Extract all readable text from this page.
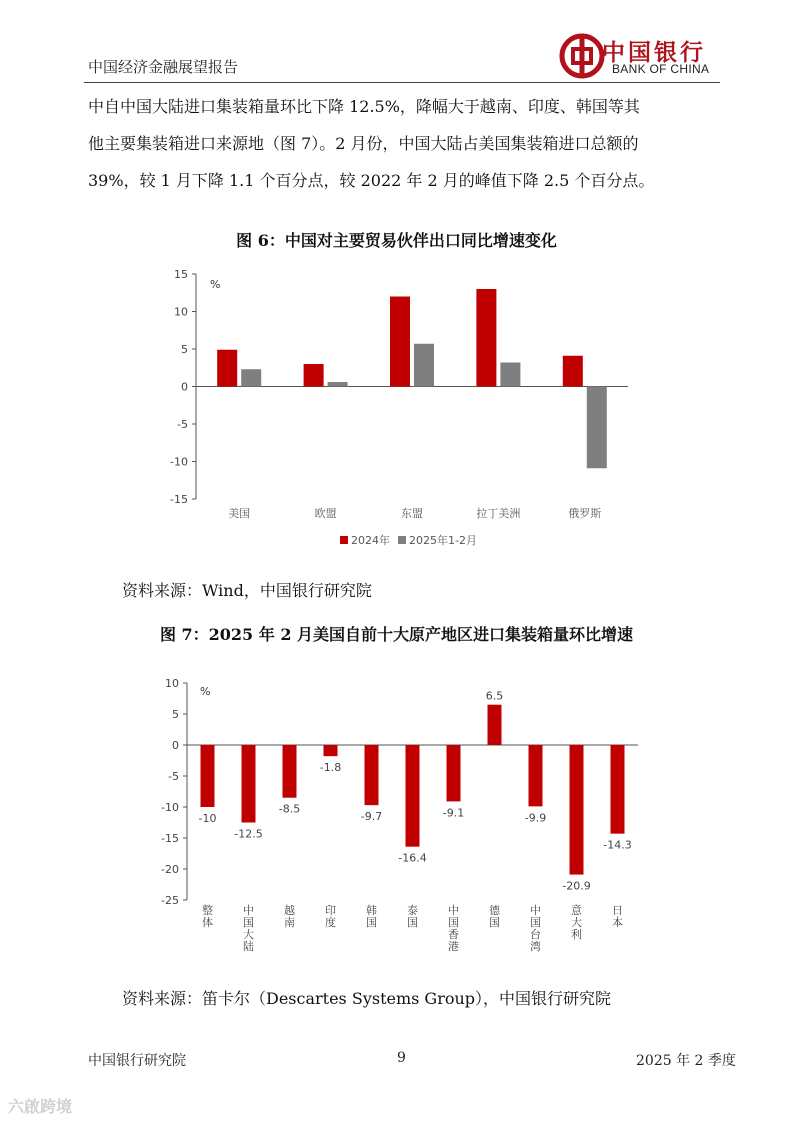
中国经济金融展望报告
中国银行
BANK OF CHINA
中自中国大陆进口集装箱量环比下降 12.5%，降幅大于越南、印度、韩国等其
他主要集装箱进口来源地（图 7）。2 月份，中国大陆占美国集装箱进口总额的
39%，较 1 月下降 1.1 个百分点，较 2022 年 2 月的峰值下降 2.5 个百分点。
图 6：中国对主要贸易伙伴出口同比增速变化
15
10
5
0
-5
-10
-15
%
美国	欧盟	东盟	拉丁美洲	俄罗斯
2024年 2025年1-2月
资料来源：Wind，中国银行研究院
图 7：2025 年 2 月美国自前十大原产地区进口集装箱量环比增速
10
5
0
-5
-10
-15
-20
-25
%
-10
整
体
-12.5
中
国
大
陆
-8.5
越
南
-1.8
印
度
-9.7
韩
国
-16.4
泰
国
-9.1
中
国
香
港
6.5
德
国
-9.9
中
国
台
湾
-20.9
意
大
利
-14.3
日
本
资料来源：笛卡尔（Descartes Systems Group），中国银行研究院
中国银行研究院	9	2025 年 2 季度
六啟跨境
